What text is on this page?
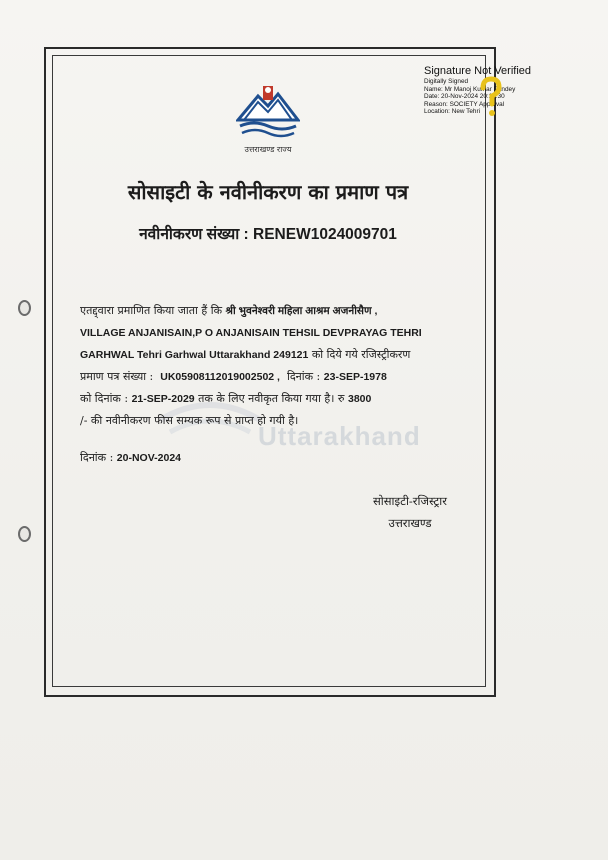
Uttarakhand
उत्तराखण्ड राज्य
Signature Not Verified
Digitally Signed
Name: Mr Manoj Kumar Pandey
Date: 20-Nov-2024 20:13:30
Reason: SOCIETY Approval
Location: New Tehri
सोसाइटी के नवीनीकरण का प्रमाण पत्र
नवीनीकरण संख्या : RENEW1024009701
एतद्द्वारा प्रमाणित किया जाता हैं कि श्री भुवनेश्वरी महिला आश्रम अजनीसैण ,
VILLAGE ANJANISAIN,P O ANJANISAIN TEHSIL DEVPRAYAG TEHRI
GARHWAL Tehri Garhwal Uttarakhand 249121 को दिये गये रजिस्ट्रीकरण
प्रमाण पत्र संख्या : UK05908112019002502 , दिनांक : 23-SEP-1978
को दिनांक : 21-SEP-2029 तक के लिए नवीकृत किया गया है। रु 3800
/- की नवीनीकरण फीस सम्यक रूप से प्राप्त हो गयी है।
दिनांक : 20-NOV-2024
सोसाइटी-रजिस्ट्रार
उत्तराखण्ड
